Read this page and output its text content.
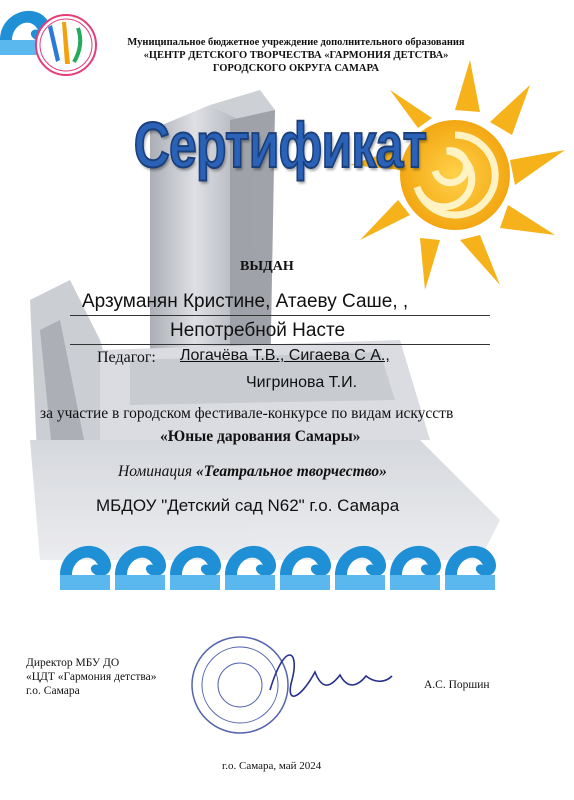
Муниципальное бюджетное учреждение дополнительного образования
«ЦЕНТР ДЕТСКОГО ТВОРЧЕСТВА «ГАРМОНИЯ ДЕТСТВА»
ГОРОДСКОГО ОКРУГА САМАРА
Сертификат
ВЫДАН
Арзуманян Кристине, Атаеву Саше, ,
Непотребной Насте
Педагог: Логачёва Т.В., Сигаева С А.,
Чигринова Т.И.
за участие в городском фестивале-конкурсе по видам искусств
«Юные дарования Самары»
Номинация «Театральное творчество»
МБДОУ "Детский сад N62" г.о. Самара
Директор МБУ ДО
«ЦДТ «Гармония детства»
г.о. Самара	А.С. Поршин
г.о. Самара, май 2024
